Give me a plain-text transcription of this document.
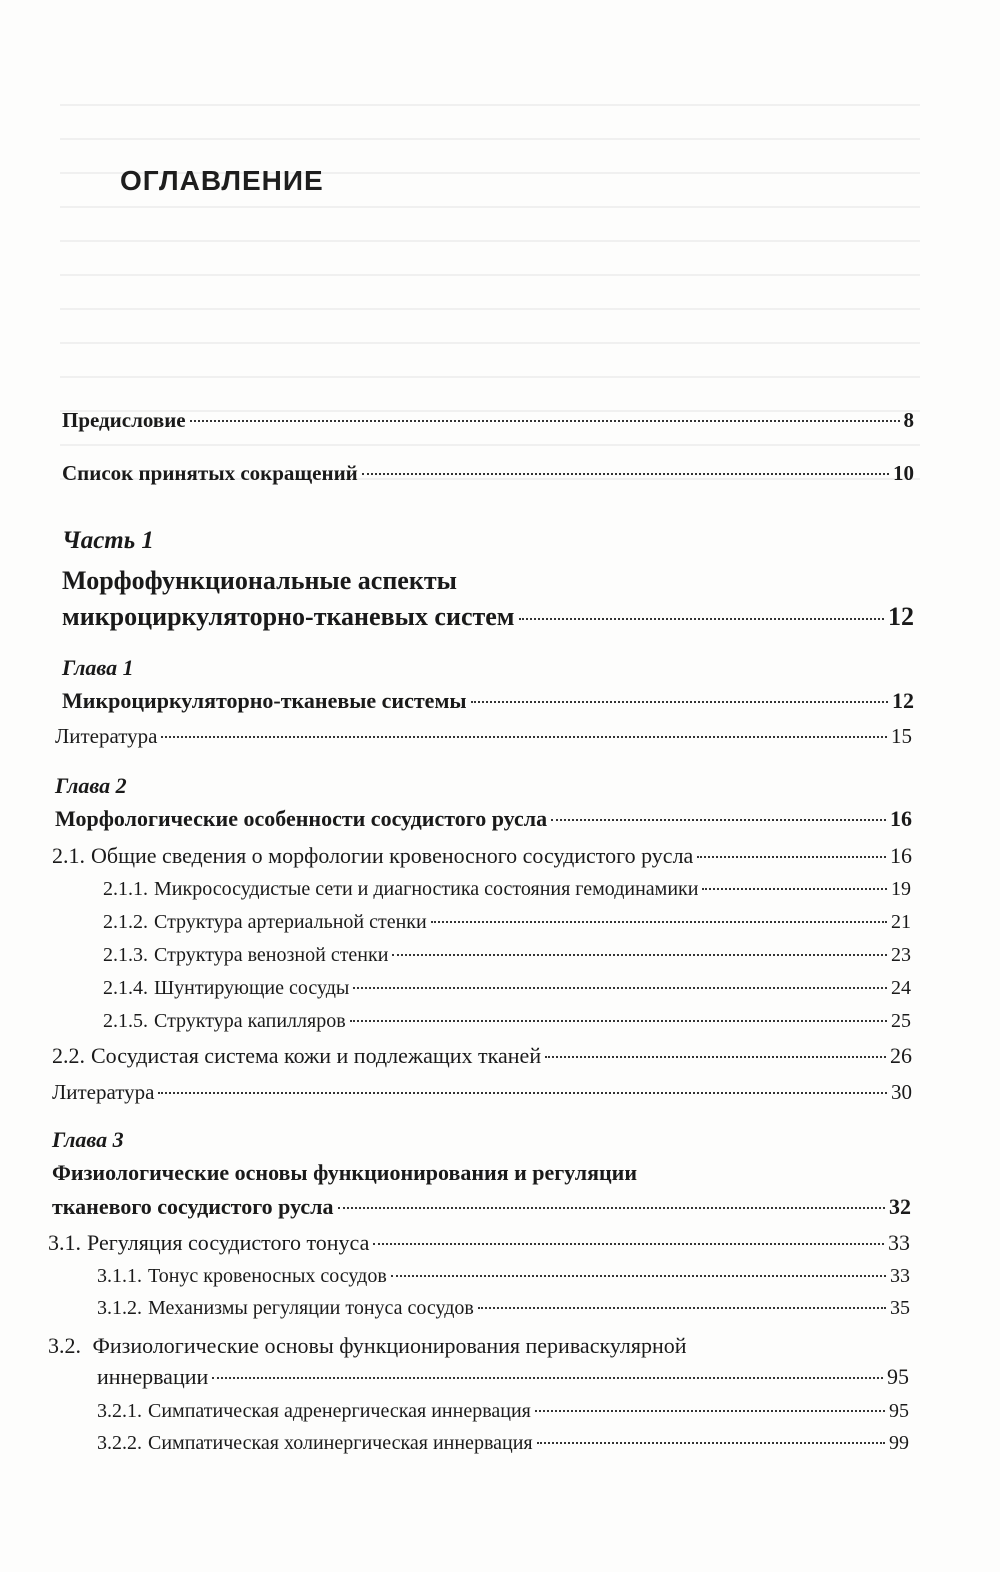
ОГЛАВЛЕНИЕ
Предисловие	8
Список принятых сокращений	10
Часть 1
Морфофункциональные аспекты
микроциркуляторно-тканевых систем	12
Глава 1
Микроциркуляторно-тканевые системы	12
Литература	15
Глава 2
Морфологические особенности сосудистого русла	16
2.1. Общие сведения о морфологии кровеносного сосудистого русла	16
2.1.1. Микрососудистые сети и диагностика состояния гемодинамики	19
2.1.2. Структура артериальной стенки	21
2.1.3. Структура венозной стенки	23
2.1.4. Шунтирующие сосуды	24
2.1.5. Структура капилляров	25
2.2. Сосудистая система кожи и подлежащих тканей	26
Литература	30
Глава 3
Физиологические основы функционирования и регуляции
тканевого сосудистого русла	32
3.1. Регуляция сосудистого тонуса	33
3.1.1. Тонус кровеносных сосудов	33
3.1.2. Механизмы регуляции тонуса сосудов	35
3.2. Физиологические основы функционирования периваскулярной
иннервации	95
3.2.1. Симпатическая адренергическая иннервация	95
3.2.2. Симпатическая холинергическая иннервация	99
